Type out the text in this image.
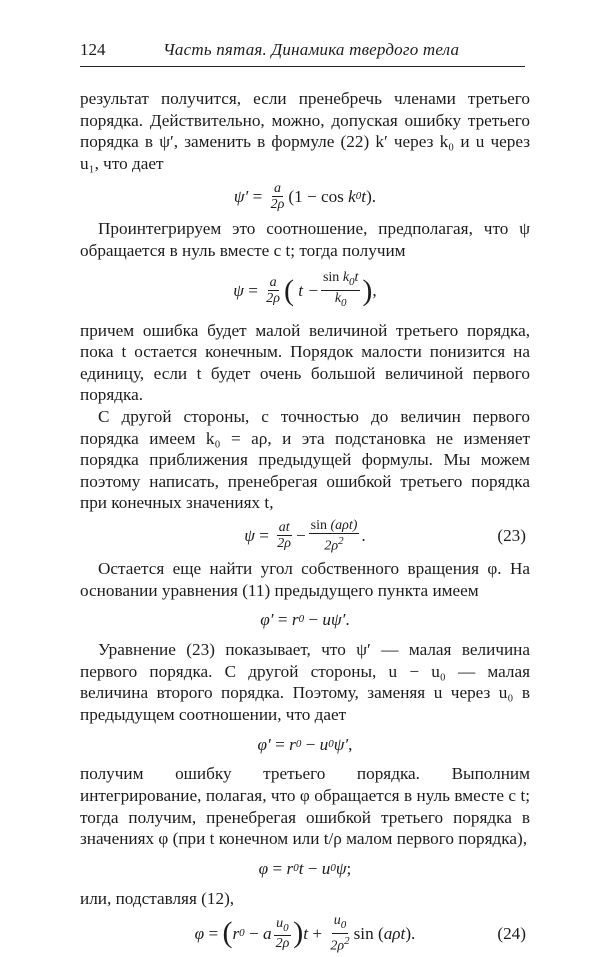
124	Часть пятая. Динамика твердого тела

результат получится, если пренебречь членами третьего порядка. Действительно, можно, допуская ошибку третьего порядка в ψ′, заменить в формуле (22) k′ через k₀ и u через u₁, что дает

$\psi' = \frac{a}{2\rho} (1 - \cos k$ 0 t ).

Проинтегрируем это соотношение, предполагая, что ψ обращается в нуль вместе с t; тогда получим

$\psi = \frac{a}{2\rho}$ ( t −
$\sin k_0t$
$k_0$ ) ,

причем ошибка будет малой величиной третьего порядка, пока t остается конечным. Порядок малости понизится на единицу, если t будет очень большой величиной первого порядка.

С другой стороны, с точностью до величин первого порядка имеем k₀ = aρ, и эта подстановка не изменяет порядка приближения предыдущей формулы. Мы можем поэтому написать, пренебрегая ошибкой третьего порядка при конечных значениях t,

$\psi = \frac{at}{2\rho}$ −
sin (aρt)
$2\rho^2$ .	(23)

Остается еще найти угол собственного вращения φ. На основании уравнения (11) предыдущего пункта имеем

φ′ = r 0 − uψ′ .

Уравнение (23) показывает, что ψ′ — малая величина первого порядка. С другой стороны, u − u₀ — малая величина второго порядка. Поэтому, заменяя u через u₀ в предыдущем соотношении, что дает

φ′ = r 0 − u 0 ψ′ ,

получим ошибку третьего порядка. Выполним интегрирование, полагая, что φ обращается в нуль вместе с t; тогда получим, пренебрегая ошибкой третьего порядка в значениях φ (при t конечном или t/ρ малом первого порядка),

φ = r 0 t − u 0 ψ ;

или, подставляя (12),

φ = ( r 0 − a $\frac{u_0}{2\rho}$ ) $t + \frac{u_0}{2\rho^2}$ sin ( aρt ).	(24)
